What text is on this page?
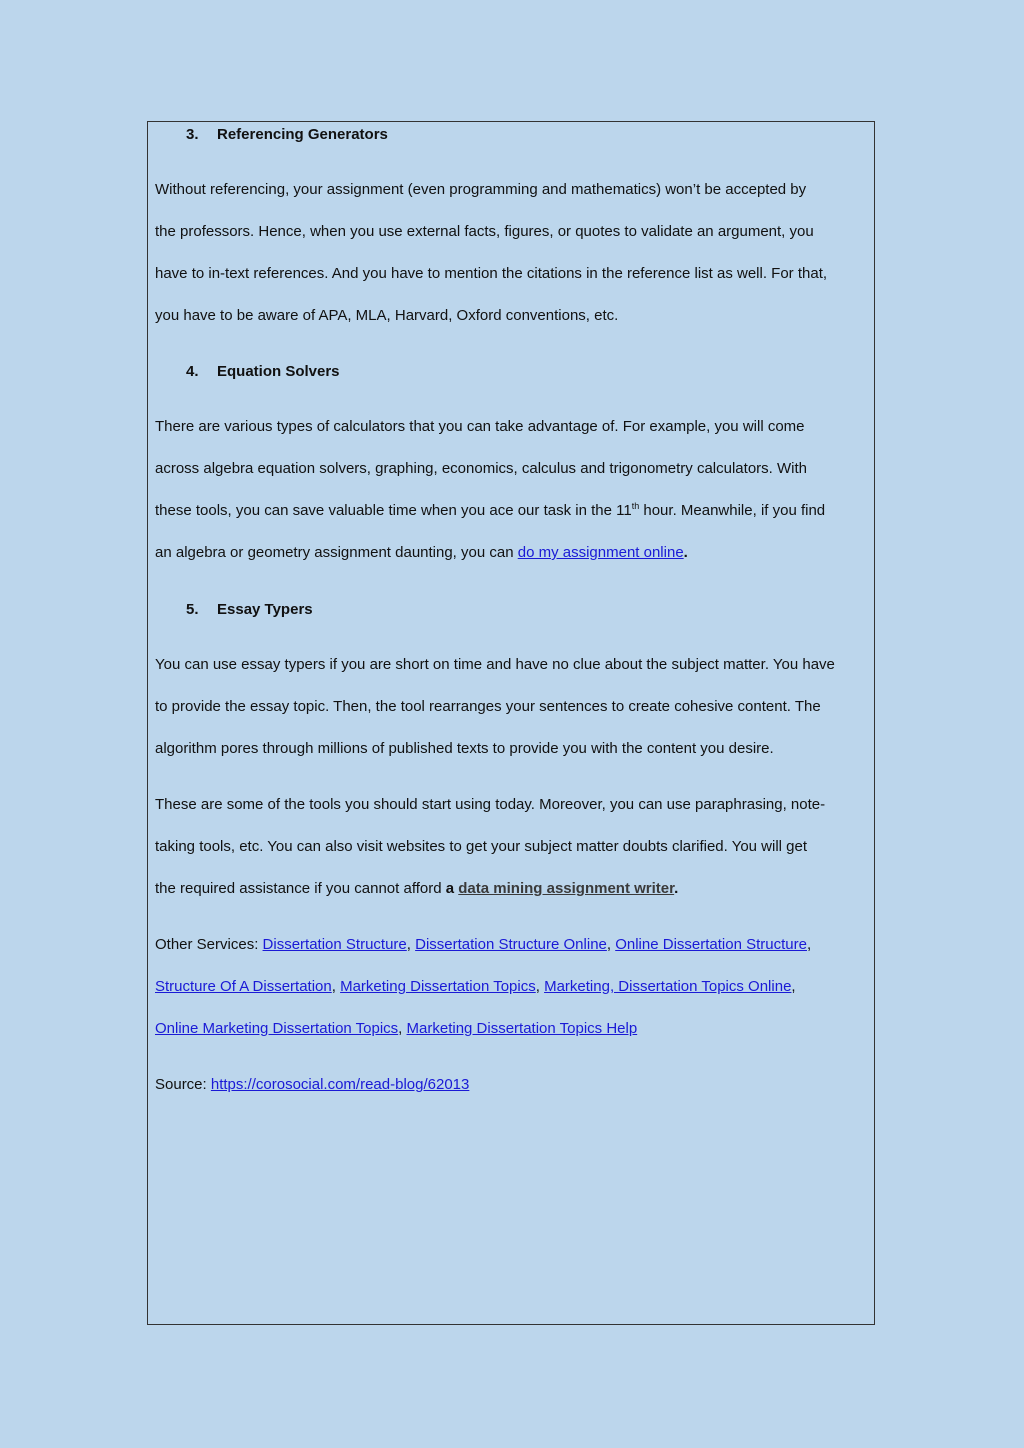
3. Referencing Generators
Without referencing, your assignment (even programming and mathematics) won’t be accepted by
the professors. Hence, when you use external facts, figures, or quotes to validate an argument, you
have to in-text references. And you have to mention the citations in the reference list as well. For that,
you have to be aware of APA, MLA, Harvard, Oxford conventions, etc.
4. Equation Solvers
There are various types of calculators that you can take advantage of. For example, you will come
across algebra equation solvers, graphing, economics, calculus and trigonometry calculators. With
these tools, you can save valuable time when you ace our task in the 11th hour. Meanwhile, if you find
an algebra or geometry assignment daunting, you can do my assignment online.
5. Essay Typers
You can use essay typers if you are short on time and have no clue about the subject matter. You have
to provide the essay topic. Then, the tool rearranges your sentences to create cohesive content. The
algorithm pores through millions of published texts to provide you with the content you desire.
These are some of the tools you should start using today. Moreover, you can use paraphrasing, note-
taking tools, etc. You can also visit websites to get your subject matter doubts clarified. You will get
the required assistance if you cannot afford a data mining assignment writer.
Other Services: Dissertation Structure, Dissertation Structure Online, Online Dissertation Structure,
Structure Of A Dissertation, Marketing Dissertation Topics, Marketing, Dissertation Topics Online,
Online Marketing Dissertation Topics, Marketing Dissertation Topics Help
Source: https://corosocial.com/read-blog/62013
